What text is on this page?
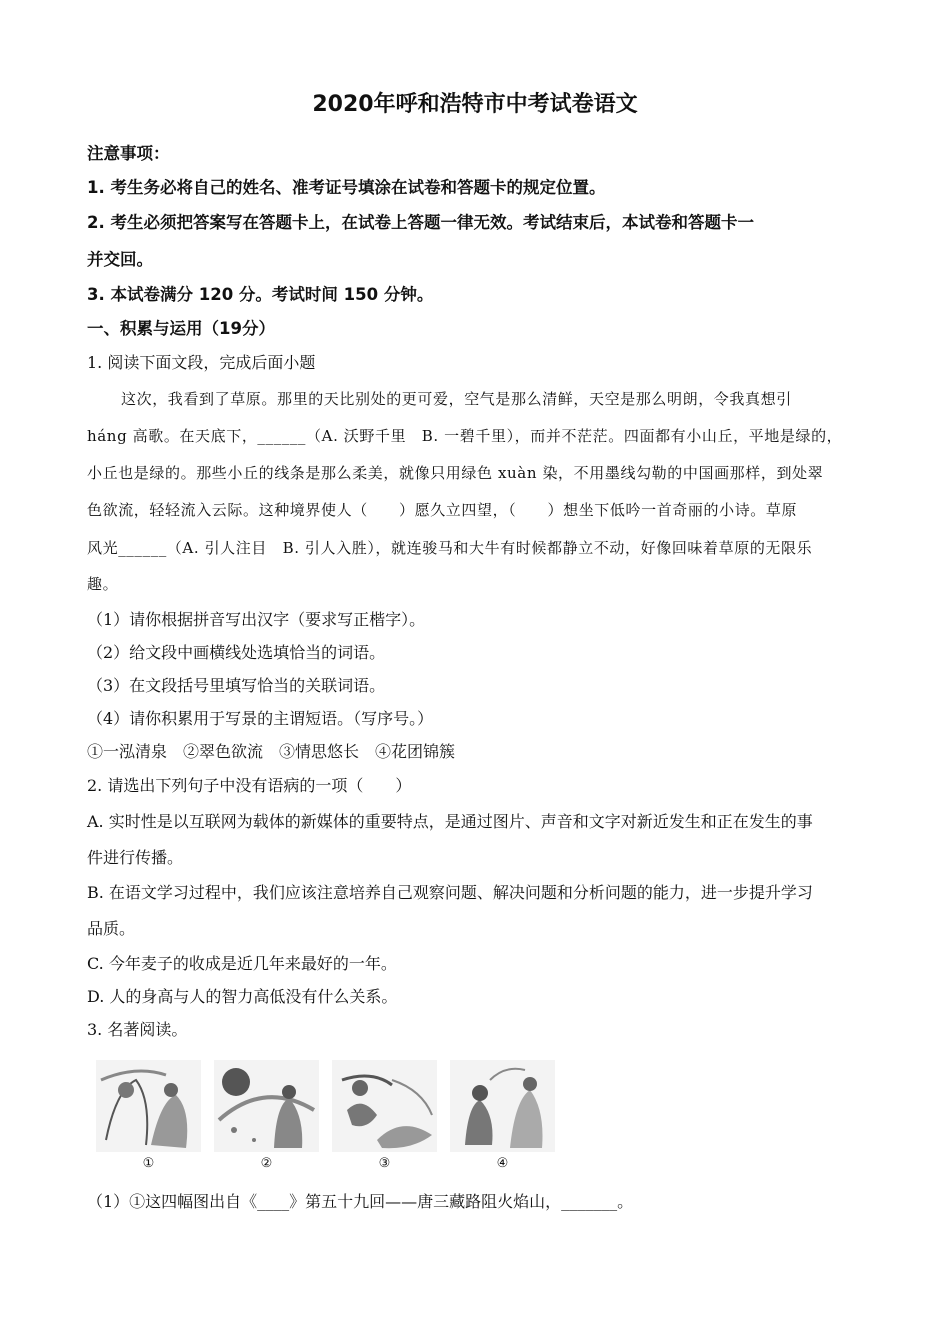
2020年呼和浩特市中考试卷语文
注意事项：
1. 考生务必将自己的姓名、准考证号填涂在试卷和答题卡的规定位置。
2. 考生必须把答案写在答题卡上，在试卷上答题一律无效。考试结束后，本试卷和答题卡一
并交回。
3. 本试卷满分 120 分。考试时间 150 分钟。
一、积累与运用（19分）
1. 阅读下面文段，完成后面小题
这次，我看到了草原。那里的天比别处的更可爱，空气是那么清鲜，天空是那么明朗，令我真想引
háng 高歌。在天底下，______（A. 沃野千里　B. 一碧千里），而并不茫茫。四面都有小山丘，平地是绿的，
小丘也是绿的。那些小丘的线条是那么柔美，就像只用绿色 xuàn 染，不用墨线勾勒的中国画那样，到处翠
色欲流，轻轻流入云际。这种境界使人（　　）愿久立四望，（　　）想坐下低吟一首奇丽的小诗。草原
风光______（A. 引人注目　B. 引人入胜），就连骏马和大牛有时候都静立不动，好像回味着草原的无限乐
趣。
（1）请你根据拼音写出汉字（要求写正楷字）。
（2）给文段中画横线处选填恰当的词语。
（3）在文段括号里填写恰当的关联词语。
（4）请你积累用于写景的主谓短语。（写序号。）
①一泓清泉　②翠色欲流　③情思悠长　④花团锦簇
2. 请选出下列句子中没有语病的一项（　　）
A. 实时性是以互联网为载体的新媒体的重要特点，是通过图片、声音和文字对新近发生和正在发生的事
件进行传播。
B. 在语文学习过程中，我们应该注意培养自己观察问题、解决问题和分析问题的能力，进一步提升学习
品质。
C. 今年麦子的收成是近几年来最好的一年。
D. 人的身高与人的智力高低没有什么关系。
3. 名著阅读。
①	②	③	④
（1）①这四幅图出自《____》第五十九回——唐三藏路阻火焰山，_______。
